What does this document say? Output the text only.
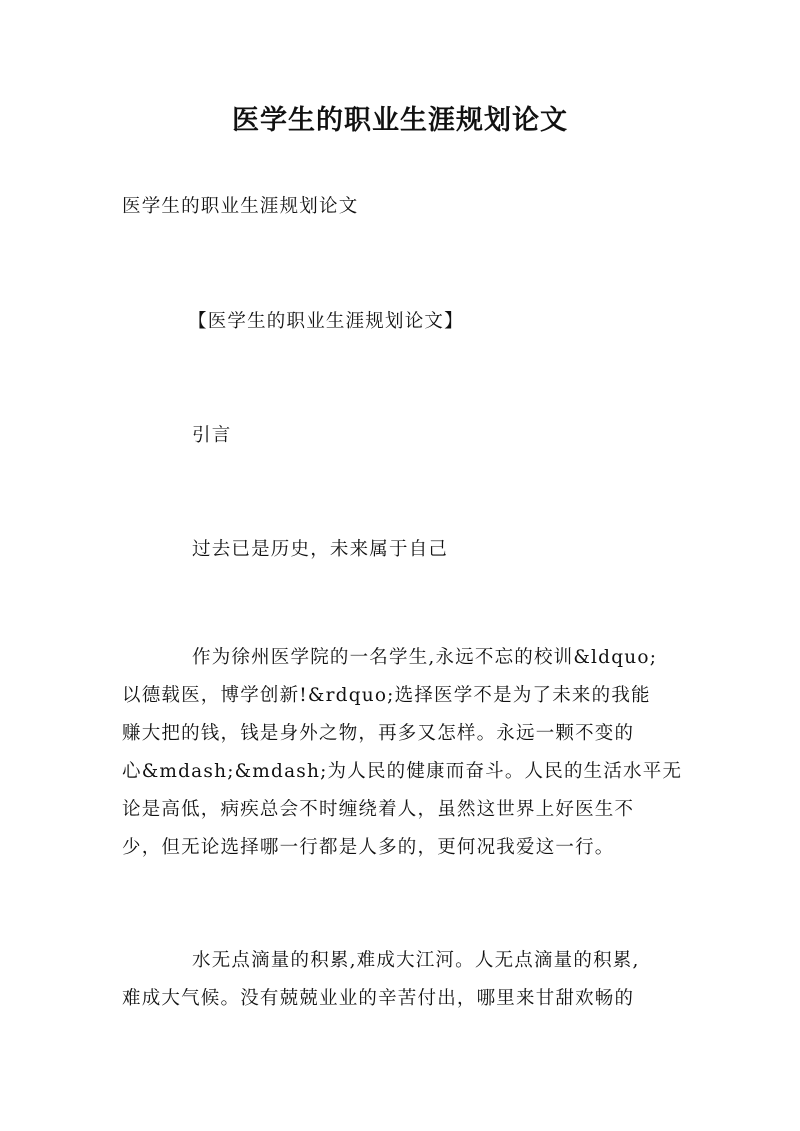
医学生的职业生涯规划论文
医学生的职业生涯规划论文
【医学生的职业生涯规划论文】
引言
过去已是历史，未来属于自己
作为徐州医学院的一名学生,永远不忘的校训&ldquo;
以德载医，博学创新!&rdquo;选择医学不是为了未来的我能
赚大把的钱，钱是身外之物，再多又怎样。永远一颗不变的
心&mdash;&mdash;为人民的健康而奋斗。人民的生活水平无
论是高低，病疾总会不时缠绕着人，虽然这世界上好医生不
少，但无论选择哪一行都是人多的，更何况我爱这一行。
水无点滴量的积累,难成大江河。人无点滴量的积累,
难成大气候。没有兢兢业业的辛苦付出，哪里来甘甜欢畅的
